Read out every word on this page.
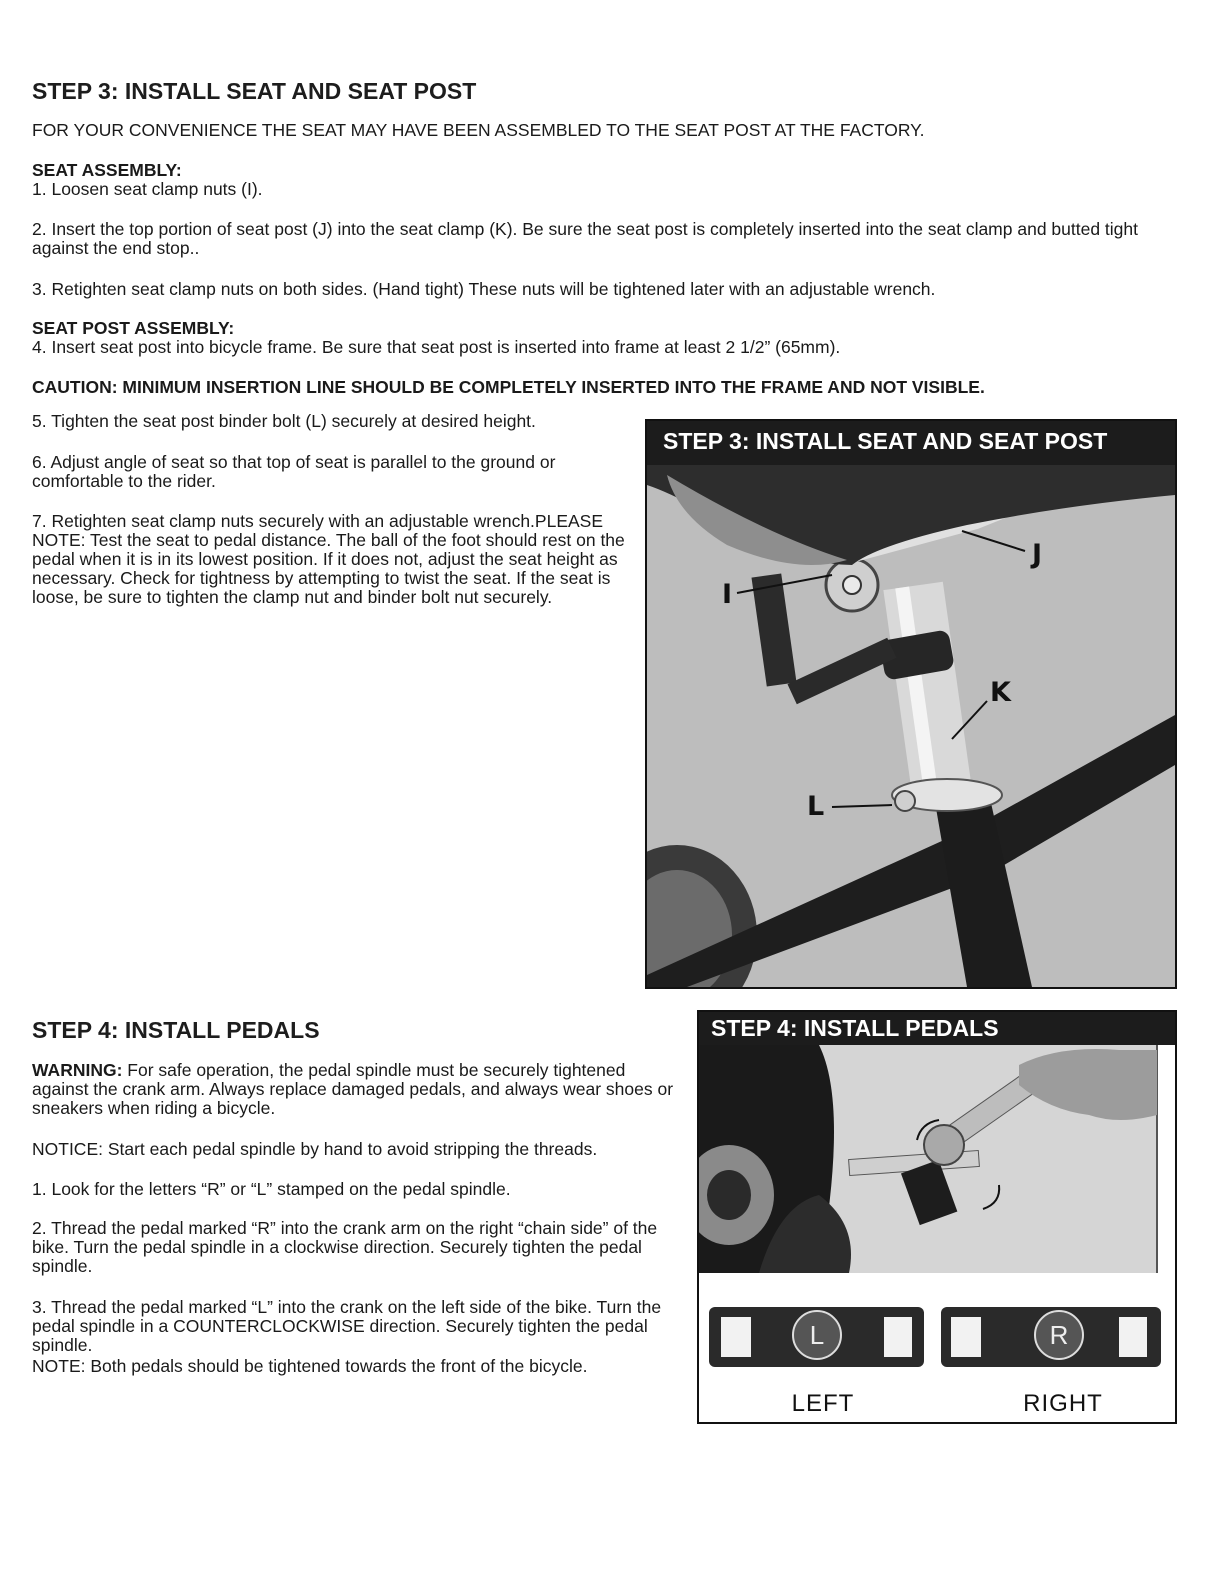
STEP 3: INSTALL SEAT AND SEAT POST

FOR YOUR CONVENIENCE THE SEAT MAY HAVE BEEN ASSEMBLED TO THE SEAT POST AT THE FACTORY.

SEAT ASSEMBLY:

1. Loosen seat clamp nuts (I).

2. Insert the top portion of seat post (J) into the seat clamp (K). Be sure the seat post is completely inserted into the seat clamp and butted tight against the end stop..

3. Retighten seat clamp nuts on both sides. (Hand tight) These nuts will be tightened later with an adjustable wrench.

SEAT POST ASSEMBLY:

4. Insert seat post into bicycle frame. Be sure that seat post is inserted into frame at least 2 1/2” (65mm).

CAUTION: MINIMUM INSERTION LINE SHOULD BE COMPLETELY INSERTED INTO THE FRAME AND NOT VISIBLE.

5. Tighten the seat post binder bolt (L) securely at desired height.

6. Adjust angle of seat so that top of seat is parallel to the ground or comfortable to the rider.

7. Retighten seat clamp nuts securely with an adjustable wrench.PLEASE NOTE: Test the seat to pedal distance. The ball of the foot should rest on the pedal when it is in its lowest position. If it does not, adjust the seat height as necessary. Check for tightness by attempting to twist the seat. If the seat is loose, be sure to tighten the clamp nut and binder bolt nut securely.

STEP 3: INSTALL SEAT AND SEAT POST
I
J
K
L
STEP 4: INSTALL PEDALS

WARNING: For safe operation, the pedal spindle must be securely tightened against the crank arm. Always replace damaged pedals, and always wear shoes or sneakers when riding a bicycle.

NOTICE: Start each pedal spindle by hand to avoid stripping the threads.

1. Look for the letters “R” or “L” stamped on the pedal spindle.

2. Thread the pedal marked “R” into the crank arm on the right “chain side” of the bike. Turn the pedal spindle in a clockwise direction. Securely tighten the pedal spindle.

3. Thread the pedal marked “L” into the crank on the left side of the bike. Turn the pedal spindle in a COUNTERCLOCKWISE direction. Securely tighten the pedal spindle.

NOTE: Both pedals should be tightened towards the front of the bicycle.

STEP 4: INSTALL PEDALS
L	R
LEFT	RIGHT
